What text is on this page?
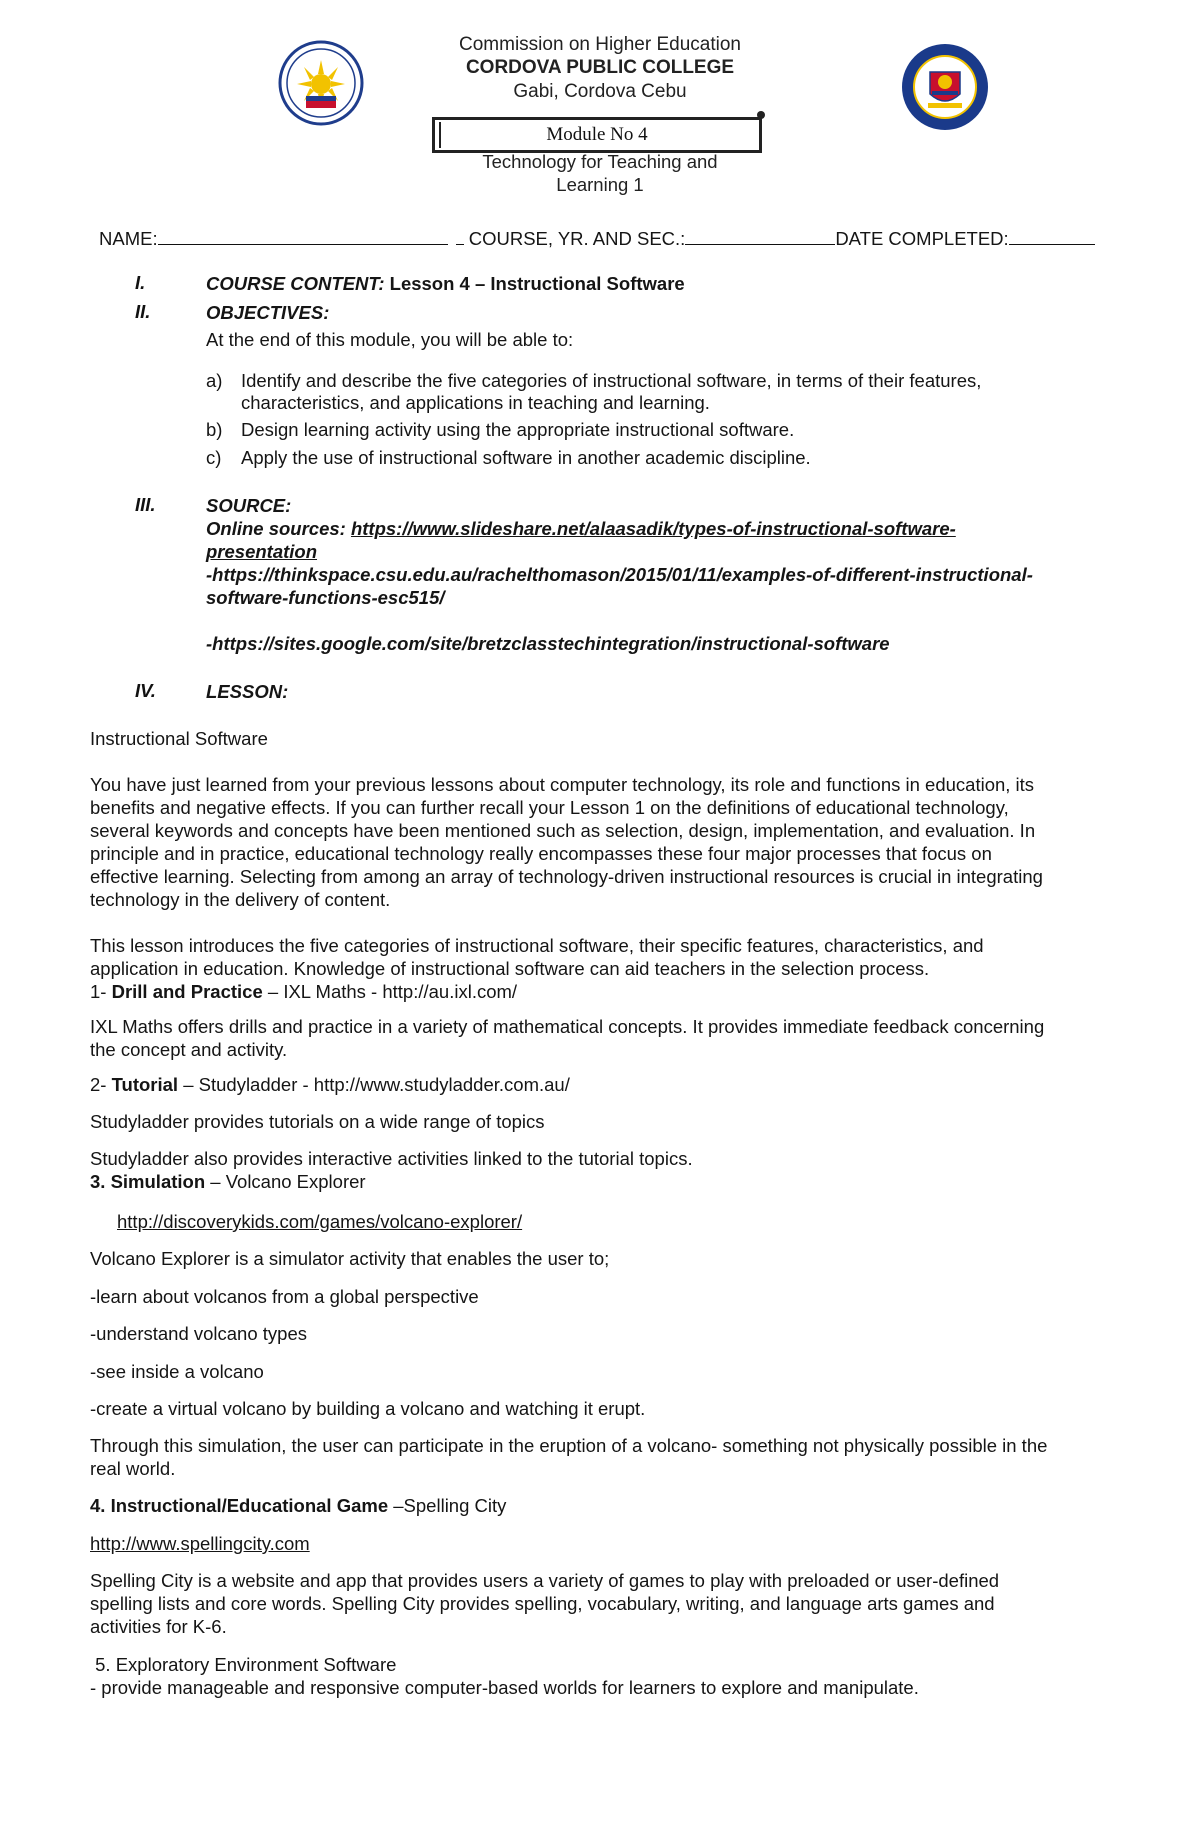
Commission on Higher Education
CORDOVA PUBLIC COLLEGE
Gabi, Cordova Cebu
Module No 4
Technology for Teaching and
Learning 1
NAME:	COURSE, YR. AND SEC.:	DATE COMPLETED:
I.	COURSE CONTENT: Lesson 4 – Instructional Software
II.	OBJECTIVES:
At the end of this module, you will be able to:
a) Identify and describe the five categories of instructional software, in terms of their features,
characteristics, and applications in teaching and learning.
b) Design learning activity using the appropriate instructional software.
c) Apply the use of instructional software in another academic discipline.
III.	SOURCE:
Online sources: https://www.slideshare.net/alaasadik/types-of-instructional-software-
presentation
-https://thinkspace.csu.edu.au/rachelthomason/2015/01/11/examples-of-different-instructional-
software-functions-esc515/
-https://sites.google.com/site/bretzclasstechintegration/instructional-software
IV.	LESSON:
Instructional Software
You have just learned from your previous lessons about computer technology, its role and functions in education, its
benefits and negative effects. If you can further recall your Lesson 1 on the definitions of educational technology,
several keywords and concepts have been mentioned such as selection, design, implementation, and evaluation. In
principle and in practice, educational technology really encompasses these four major processes that focus on
effective learning. Selecting from among an array of technology-driven instructional resources is crucial in integrating
technology in the delivery of content.
This lesson introduces the five categories of instructional software, their specific features, characteristics, and
application in education. Knowledge of instructional software can aid teachers in the selection process.
1- Drill and Practice – IXL Maths - http://au.ixl.com/
IXL Maths offers drills and practice in a variety of mathematical concepts. It provides immediate feedback concerning
the concept and activity.
2- Tutorial – Studyladder - http://www.studyladder.com.au/
Studyladder provides tutorials on a wide range of topics
Studyladder also provides interactive activities linked to the tutorial topics.
3. Simulation – Volcano Explorer
http://discoverykids.com/games/volcano-explorer/
Volcano Explorer is a simulator activity that enables the user to;
-learn about volcanos from a global perspective
-understand volcano types
-see inside a volcano
-create a virtual volcano by building a volcano and watching it erupt.
Through this simulation, the user can participate in the eruption of a volcano- something not physically possible in the
real world.
4. Instructional/Educational Game –Spelling City
http://www.spellingcity.com
Spelling City is a website and app that provides users a variety of games to play with preloaded or user-defined
spelling lists and core words. Spelling City provides spelling, vocabulary, writing, and language arts games and
activities for K-6.
5. Exploratory Environment Software
- provide manageable and responsive computer-based worlds for learners to explore and manipulate.
